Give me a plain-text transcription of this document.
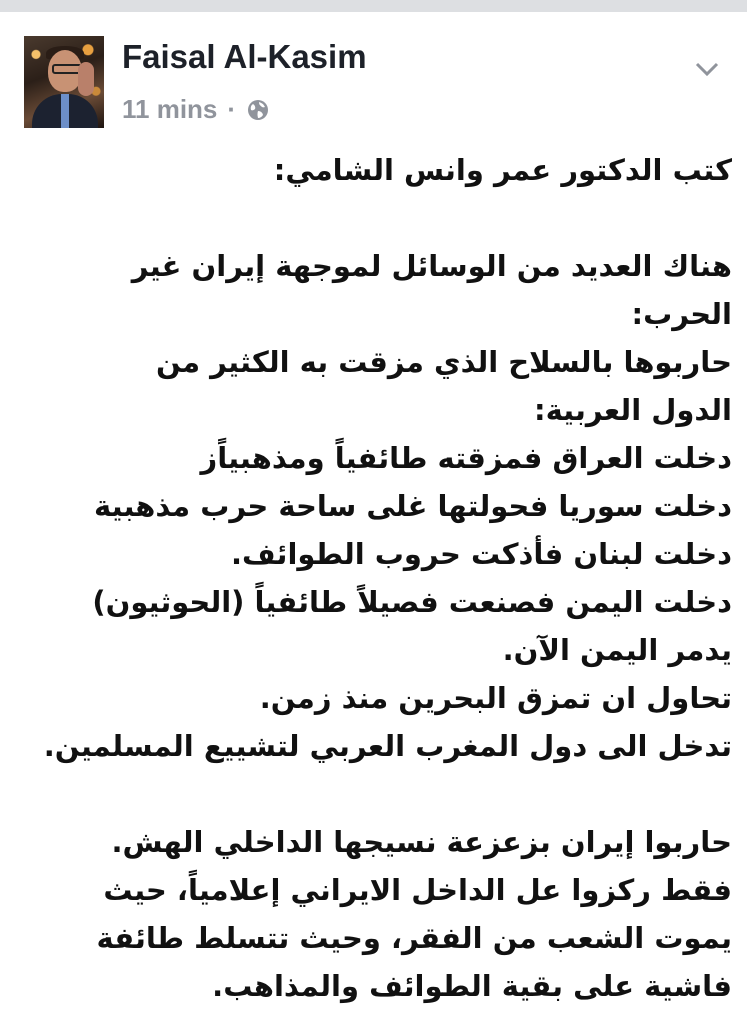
Faisal Al-Kasim
11 mins ·
كتب الدكتور عمر وانس الشامي:
هناك العديد من الوسائل لموجهة إيران غير
الحرب:
حاربوها بالسلاح الذي مزقت به الكثير من
الدول العربية:
دخلت العراق فمزقته طائفياً ومذهبياًز
دخلت سوريا فحولتها غلى ساحة حرب مذهبية
دخلت لبنان فأذكت حروب الطوائف.
دخلت اليمن فصنعت فصيلاً طائفياً (الحوثيون)
يدمر اليمن الآن.
تحاول ان تمزق البحرين منذ زمن.
تدخل الى دول المغرب العربي لتشييع المسلمين.
حاربوا إيران بزعزعة نسيجها الداخلي الهش.
فقط ركزوا عل الداخل الايراني إعلامياً، حيث
يموت الشعب من الفقر، وحيث تتسلط طائفة
فاشية على بقية الطوائف والمذاهب.
